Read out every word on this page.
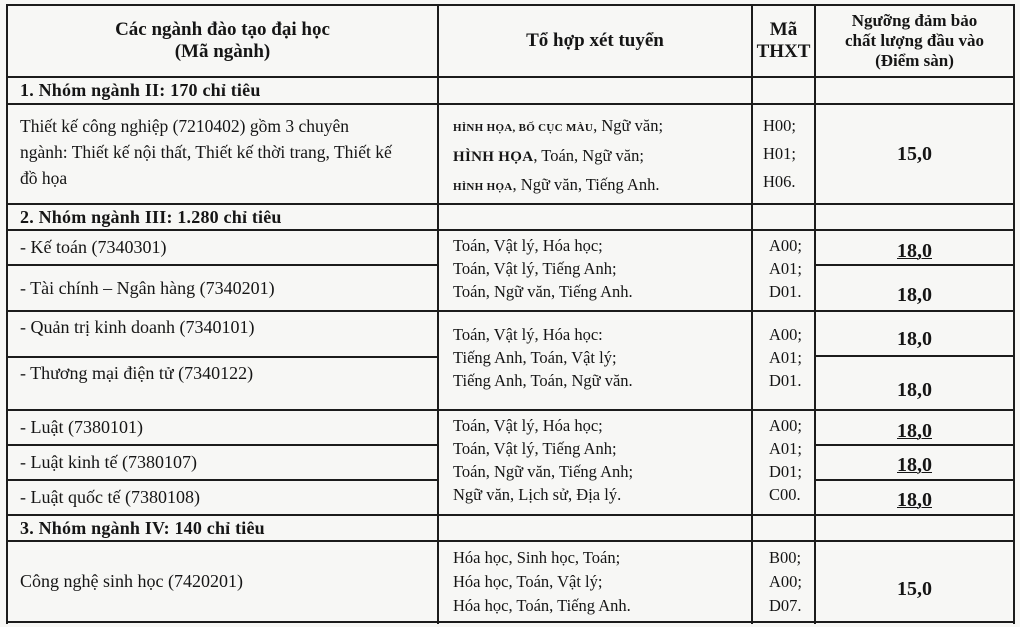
Các ngành đào tạo đại học
(Mã ngành)
Tổ hợp xét tuyển
Mã
THXT
Ngưỡng đảm bảo
chất lượng đầu vào
(Điểm sàn)
1. Nhóm ngành II: 170 chỉ tiêu
Thiết kế công nghiệp (7210402) gồm 3 chuyên
ngành: Thiết kế nội thất, Thiết kế thời trang, Thiết kế
đồ họa
HÌNH HỌA, BỐ CỤC MÀU, Ngữ văn;
HÌNH HỌA, Toán, Ngữ văn;
HÌNH HỌA, Ngữ văn, Tiếng Anh.
H00;
H01;
H06.
15,0
2. Nhóm ngành III: 1.280 chỉ tiêu
- Kế toán (7340301)
- Tài chính – Ngân hàng (7340201)
- Quản trị kinh doanh (7340101)
- Thương mại điện tử (7340122)
- Luật (7380101)
- Luật kinh tế (7380107)
- Luật quốc tế (7380108)
Toán, Vật lý, Hóa học;
Toán, Vật lý, Tiếng Anh;
Toán, Ngữ văn, Tiếng Anh.
A00;
A01;
D01.
Toán, Vật lý, Hóa học:
Tiếng Anh, Toán, Vật lý;
Tiếng Anh, Toán, Ngữ văn.
A00;
A01;
D01.
Toán, Vật lý, Hóa học;
Toán, Vật lý, Tiếng Anh;
Toán, Ngữ văn, Tiếng Anh;
Ngữ văn, Lịch sử, Địa lý.
A00;
A01;
D01;
C00.
18,0
18,0
18,0
18,0
18,0
18,0
18,0
3. Nhóm ngành IV: 140 chỉ tiêu
Công nghệ sinh học (7420201)
Hóa học, Sinh học, Toán;
Hóa học, Toán, Vật lý;
Hóa học, Toán, Tiếng Anh.
B00;
A00;
D07.
15,0
